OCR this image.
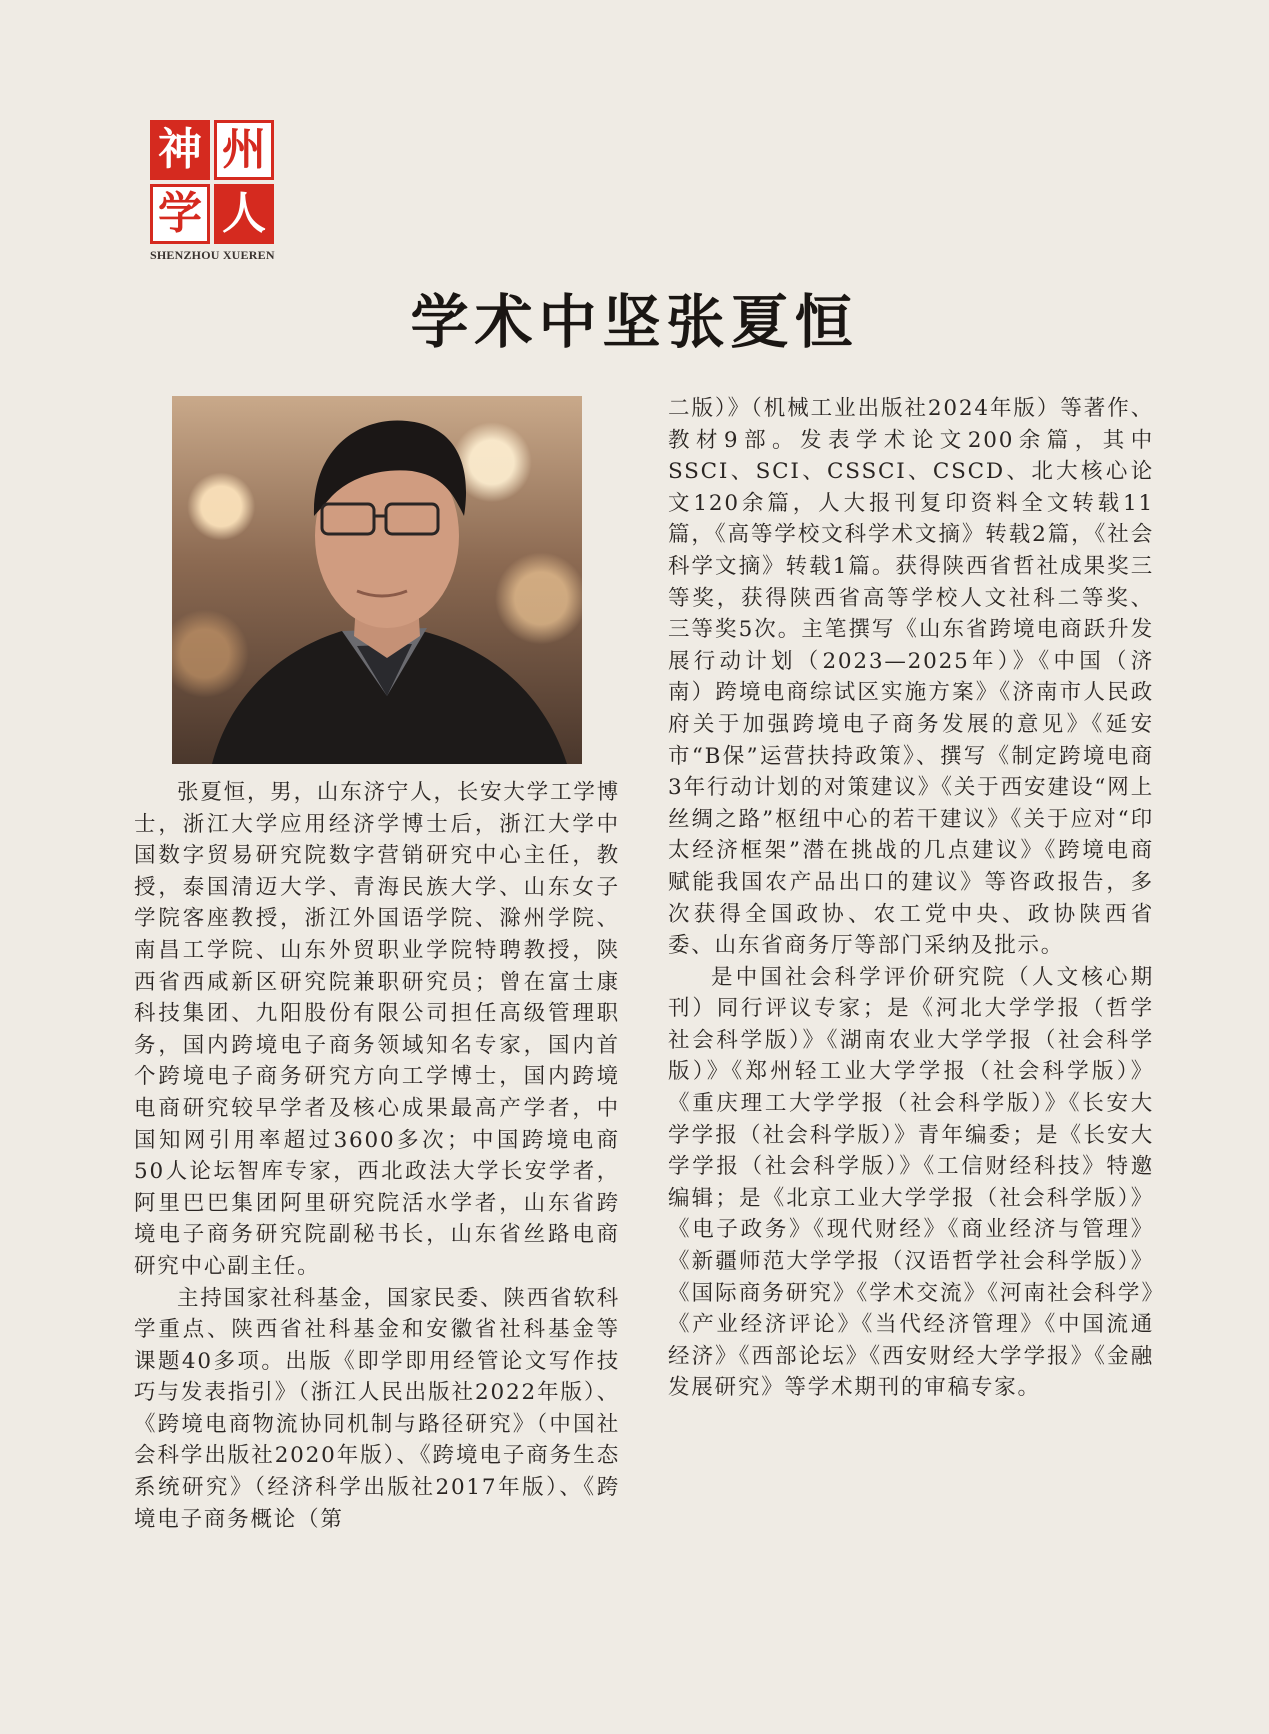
神 州
学 人
SHENZHOU XUEREN
学术中坚张夏恒

张夏恒，男，山东济宁人，长安大学工学博士，浙江大学应用经济学博士后，浙江大学中国数字贸易研究院数字营销研究中心主任，教授，泰国清迈大学、青海民族大学、山东女子学院客座教授，浙江外国语学院、滁州学院、南昌工学院、山东外贸职业学院特聘教授，陕西省西咸新区研究院兼职研究员；曾在富士康科技集团、九阳股份有限公司担任高级管理职务，国内跨境电子商务领域知名专家，国内首个跨境电子商务研究方向工学博士，国内跨境电商研究较早学者及核心成果最高产学者，中国知网引用率超过3600多次；中国跨境电商50人论坛智库专家，西北政法大学长安学者，阿里巴巴集团阿里研究院活水学者，山东省跨境电子商务研究院副秘书长，山东省丝路电商研究中心副主任。

主持国家社科基金，国家民委、陕西省软科学重点、陕西省社科基金和安徽省社科基金等课题40多项。出版《即学即用经管论文写作技巧与发表指引》（浙江人民出版社2022年版）、《跨境电商物流协同机制与路径研究》（中国社会科学出版社2020年版）、《跨境电子商务生态系统研究》（经济科学出版社2017年版）、《跨境电子商务概论（第

二版）》（机械工业出版社2024年版）等著作、教材9部。发表学术论文200余篇，其中SSCI、SCI、CSSCI、CSCD、北大核心论文120余篇，人大报刊复印资料全文转载11篇，《高等学校文科学术文摘》转载2篇，《社会科学文摘》转载1篇。获得陕西省哲社成果奖三等奖，获得陕西省高等学校人文社科二等奖、三等奖5次。主笔撰写《山东省跨境电商跃升发展行动计划（2023—2025年）》《中国（济南）跨境电商综试区实施方案》《济南市人民政府关于加强跨境电子商务发展的意见》《延安市“B保”运营扶持政策》、撰写《制定跨境电商3年行动计划的对策建议》《关于西安建设“网上丝绸之路”枢纽中心的若干建议》《关于应对“印太经济框架”潜在挑战的几点建议》《跨境电商赋能我国农产品出口的建议》等咨政报告，多次获得全国政协、农工党中央、政协陕西省委、山东省商务厅等部门采纳及批示。

是中国社会科学评价研究院（人文核心期刊）同行评议专家；是《河北大学学报（哲学社会科学版）》《湖南农业大学学报（社会科学版）》《郑州轻工业大学学报（社会科学版）》《重庆理工大学学报（社会科学版）》《长安大学学报（社会科学版）》青年编委；是《长安大学学报（社会科学版）》《工信财经科技》特邀编辑；是《北京工业大学学报（社会科学版）》《电子政务》《现代财经》《商业经济与管理》《新疆师范大学学报（汉语哲学社会科学版）》《国际商务研究》《学术交流》《河南社会科学》《产业经济评论》《当代经济管理》《中国流通经济》《西部论坛》《西安财经大学学报》《金融发展研究》等学术期刊的审稿专家。
